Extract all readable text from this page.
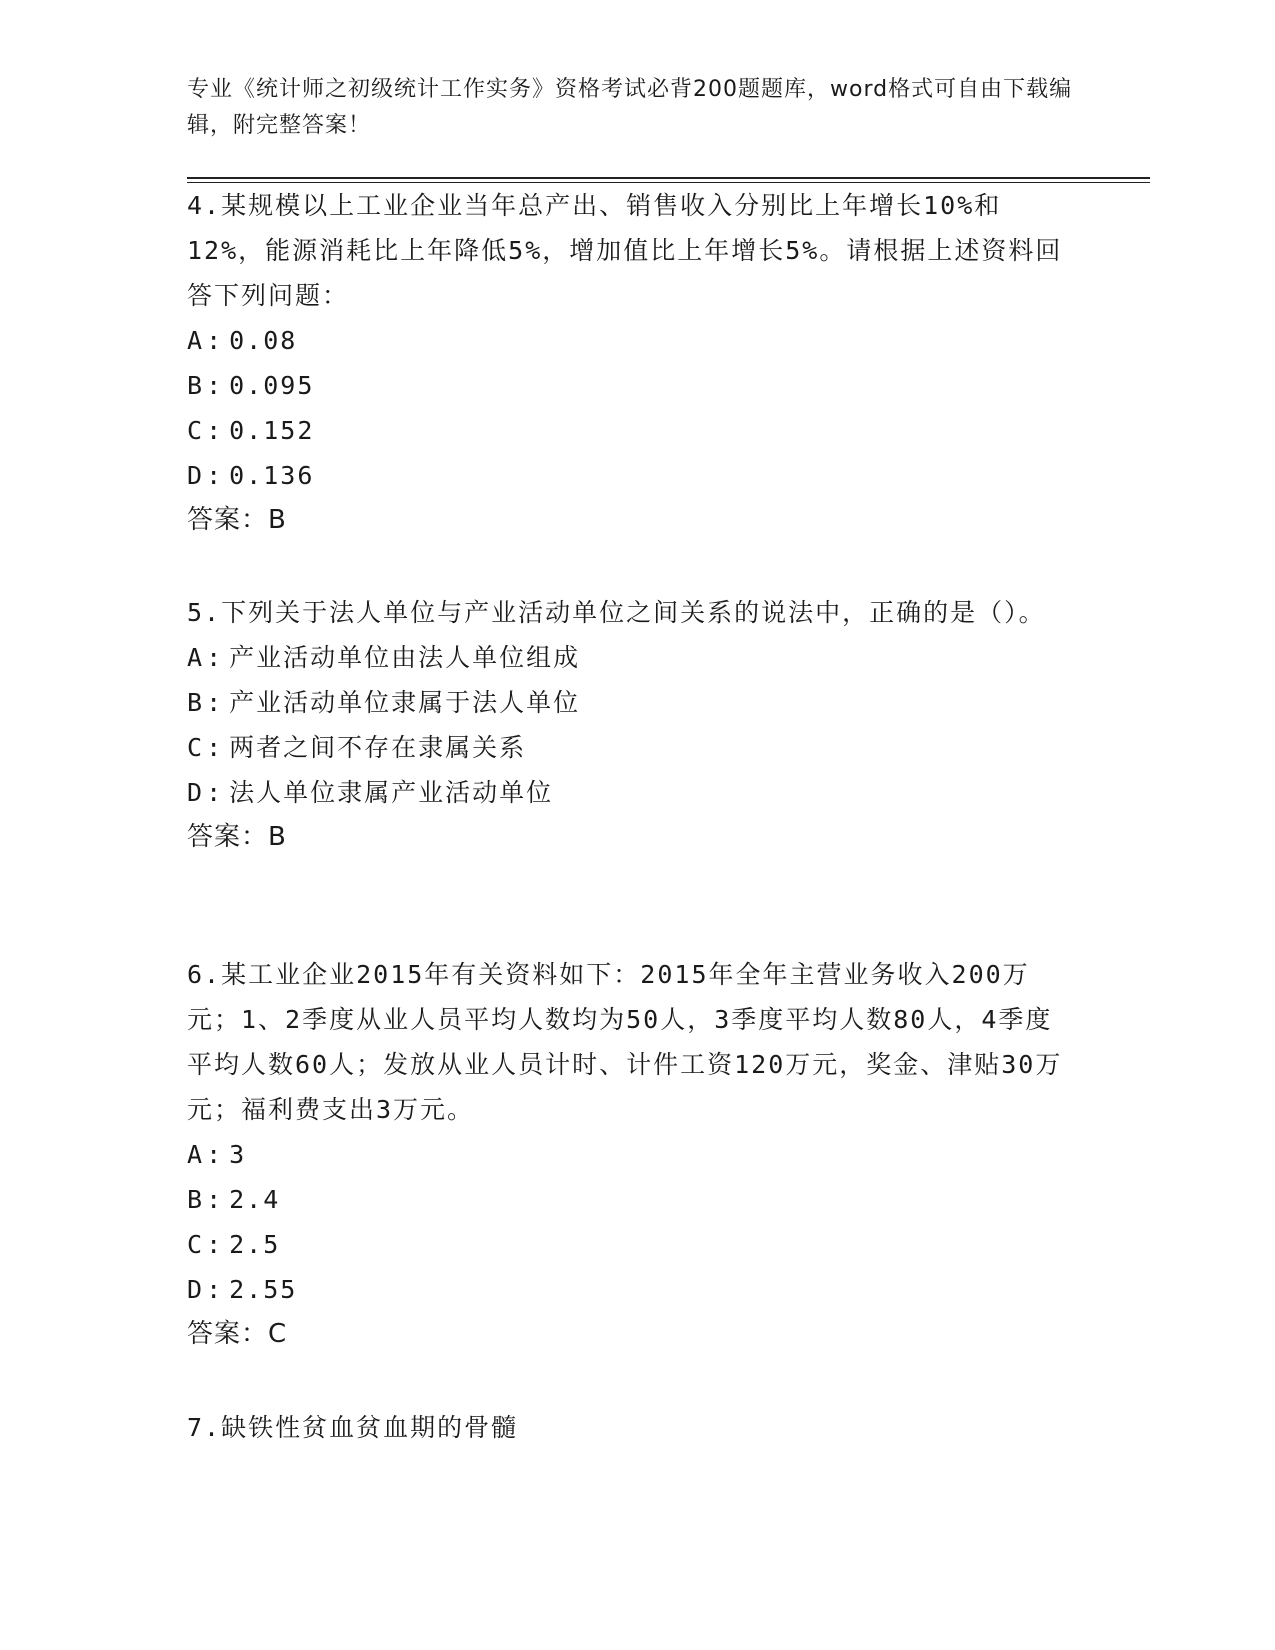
专业《统计师之初级统计工作实务》资格考试必背200题题库，word格式可自由下载编辑，附完整答案！
4.某规模以上工业企业当年总产出、销售收入分别比上年增长10%和12%，能源消耗比上年降低5%，增加值比上年增长5%。请根据上述资料回答下列问题：
A: 0.08
B: 0.095
C: 0.152
D: 0.136
答案：B
5.下列关于法人单位与产业活动单位之间关系的说法中，正确的是（）。
A: 产业活动单位由法人单位组成
B: 产业活动单位隶属于法人单位
C: 两者之间不存在隶属关系
D: 法人单位隶属产业活动单位
答案：B
6.某工业企业2015年有关资料如下：2015年全年主营业务收入200万元；1、2季度从业人员平均人数均为50人，3季度平均人数80人，4季度平均人数60人；发放从业人员计时、计件工资120万元，奖金、津贴30万元；福利费支出3万元。
A: 3
B: 2.4
C: 2.5
D: 2.55
答案：C
7.缺铁性贫血贫血期的骨髓
